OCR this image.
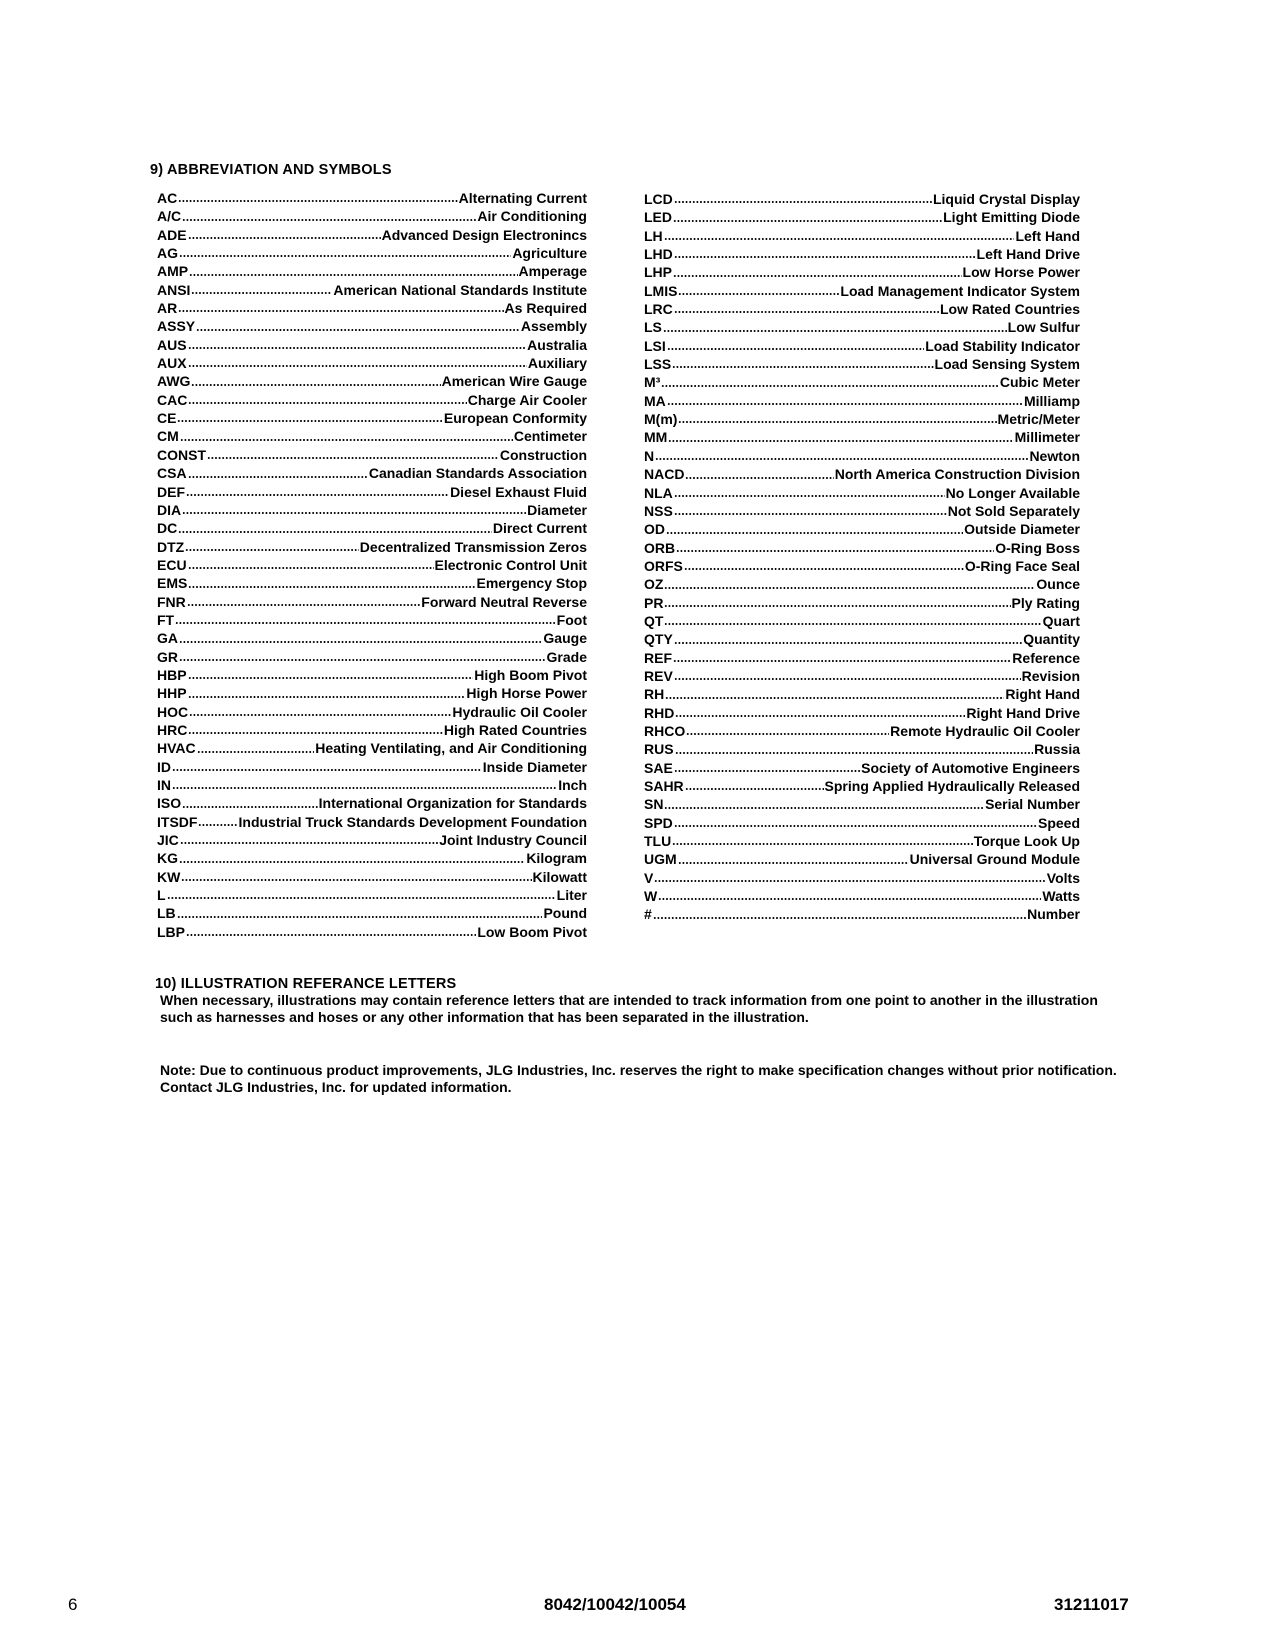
9) ABBREVIATION AND SYMBOLS
AC	Alternating Current
A/C	Air Conditioning
ADE	Advanced Design Electronincs
AG	Agriculture
AMP	Amperage
ANSI	American National Standards Institute
AR	As Required
ASSY	Assembly
AUS	Australia
AUX	Auxiliary
AWG	American Wire Gauge
CAC	Charge Air Cooler
CE	European Conformity
CM	Centimeter
CONST	Construction
CSA	Canadian Standards Association
DEF	Diesel Exhaust Fluid
DIA	Diameter
DC	Direct Current
DTZ	Decentralized Transmission Zeros
ECU	Electronic Control Unit
EMS	Emergency Stop
FNR	Forward Neutral Reverse
FT	Foot
GA	Gauge
GR	Grade
HBP	High Boom Pivot
HHP	High Horse Power
HOC	Hydraulic Oil Cooler
HRC	High Rated Countries
HVAC	Heating Ventilating, and Air Conditioning
ID	Inside Diameter
IN	Inch
ISO	International Organization for Standards
ITSDF	Industrial Truck Standards Development Foundation
JIC	Joint Industry Council
KG	Kilogram
KW	Kilowatt
L	Liter
LB	Pound
LBP	Low Boom Pivot
LCD	Liquid Crystal Display
LED	Light Emitting Diode
LH	Left Hand
LHD	Left Hand Drive
LHP	Low Horse Power
LMIS	Load Management Indicator System
LRC	Low Rated Countries
LS	Low Sulfur
LSI	Load Stability Indicator
LSS	Load Sensing System
M³	Cubic Meter
MA	Milliamp
M(m)	Metric/Meter
MM	Millimeter
N	Newton
NACD	North America Construction Division
NLA	No Longer Available
NSS	Not Sold Separately
OD	Outside Diameter
ORB	O-Ring Boss
ORFS	O-Ring Face Seal
OZ	Ounce
PR	Ply Rating
QT	Quart
QTY	Quantity
REF	Reference
REV	Revision
RH	Right Hand
RHD	Right Hand Drive
RHCO	Remote Hydraulic Oil Cooler
RUS	Russia
SAE	Society of Automotive Engineers
SAHR	Spring Applied Hydraulically Released
SN	Serial Number
SPD	Speed
TLU	Torque Look Up
UGM	Universal Ground Module
V	Volts
W	Watts
#	Number
10) ILLUSTRATION REFERANCE LETTERS
When necessary, illustrations may contain reference letters that are intended to track information from one point to another in the illustration such as harnesses and hoses or any other information that has been separated in the illustration.
Note: Due to continuous product improvements, JLG Industries, Inc. reserves the right to make specification changes without prior notification. Contact JLG Industries, Inc. for updated information.
6	8042/10042/10054	31211017
